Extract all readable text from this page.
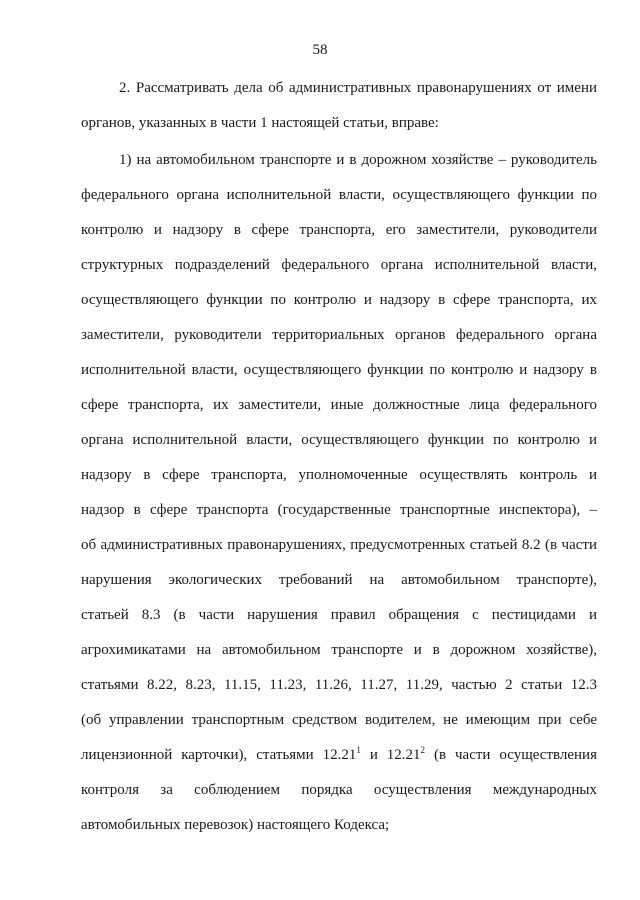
58
2. Рассматривать дела об административных правонарушениях от имени
органов, указанных в части 1 настоящей статьи, вправе:
1) на автомобильном транспорте и в дорожном хозяйстве – руководитель
федерального органа исполнительной власти, осуществляющего функции по
контролю и надзору в сфере транспорта, его заместители, руководители
структурных подразделений федерального органа исполнительной власти,
осуществляющего функции по контролю и надзору в сфере транспорта, их
заместители, руководители территориальных органов федерального органа
исполнительной власти, осуществляющего функции по контролю и надзору в
сфере транспорта, их заместители, иные должностные лица федерального
органа исполнительной власти, осуществляющего функции по контролю и
надзору в сфере транспорта, уполномоченные осуществлять контроль и
надзор в сфере транспорта (государственные транспортные инспектора), –
об административных правонарушениях, предусмотренных статьей 8.2 (в части
нарушения экологических требований на автомобильном транспорте),
статьей 8.3 (в части нарушения правил обращения с пестицидами и
агрохимикатами на автомобильном транспорте и в дорожном хозяйстве),
статьями 8.22, 8.23, 11.15, 11.23, 11.26, 11.27, 11.29, частью 2 статьи 12.3
(об управлении транспортным средством водителем, не имеющим при себе
лицензионной карточки), статьями 12.21$^1$ и 12.21$^2$ (в части осуществления
контроля за соблюдением порядка осуществления международных
автомобильных перевозок) настоящего Кодекса;
